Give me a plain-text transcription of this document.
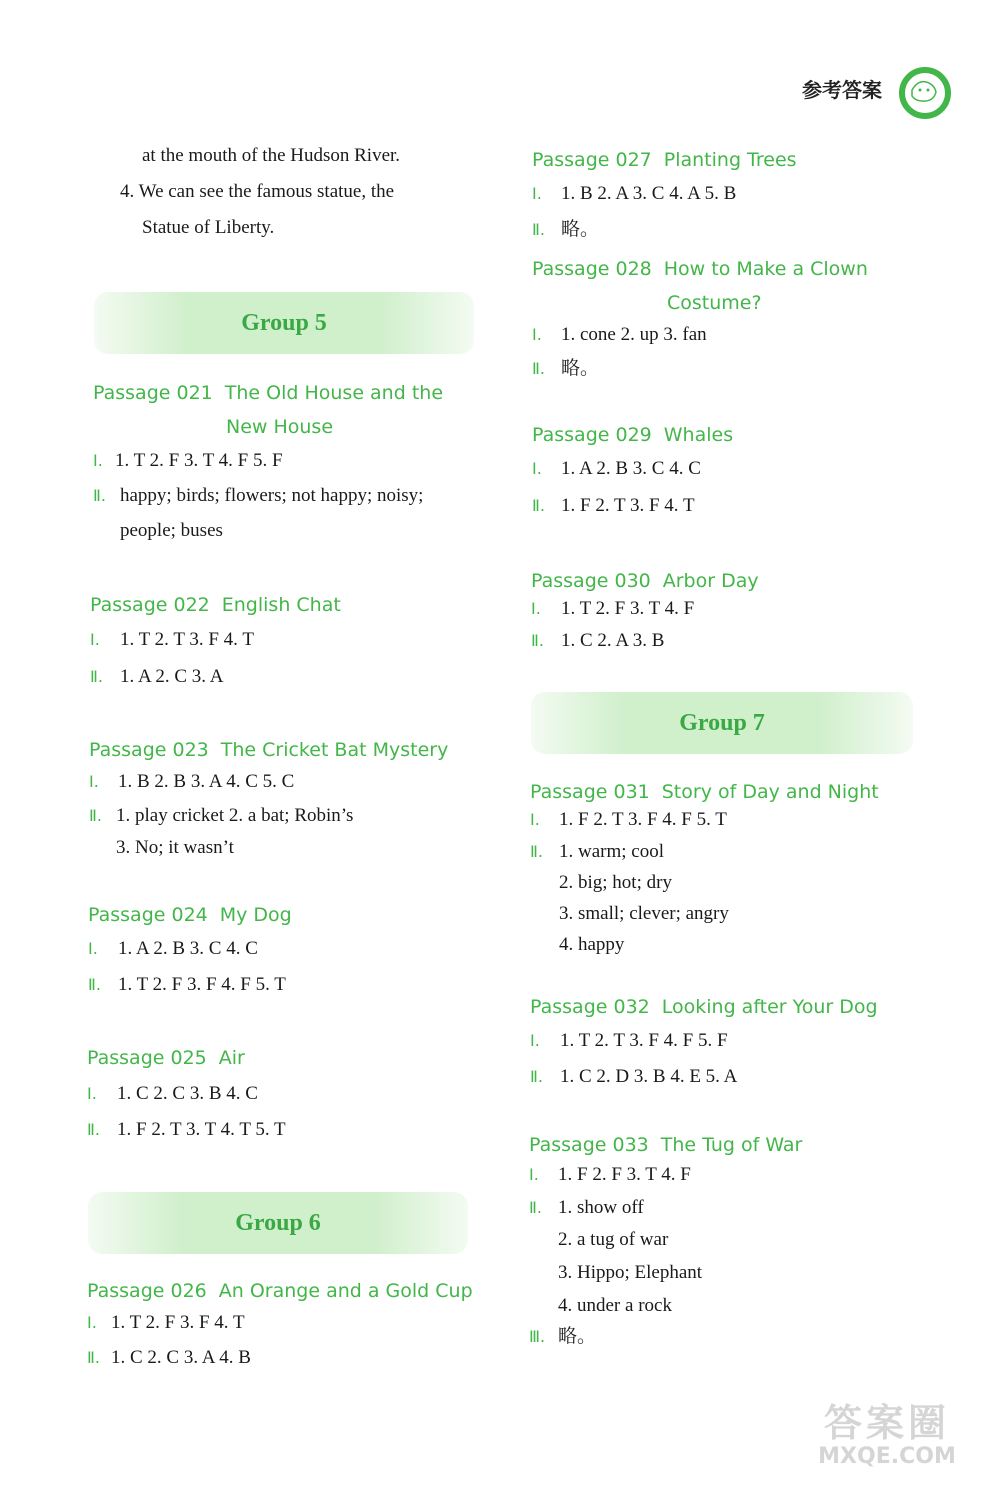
参考答案
at the mouth of the Hudson River.
4. We can see the famous statue, the
Statue of Liberty.
Group 5
Passage 021 The Old House and the
New House
Ⅰ. 1. T 2. F 3. T 4. F 5. F
Ⅱ. happy; birds; flowers; not happy; noisy;
people; buses
Passage 022 English Chat
Ⅰ. 1. T 2. T 3. F 4. T
Ⅱ. 1. A 2. C 3. A
Passage 023 The Cricket Bat Mystery
Ⅰ. 1. B 2. B 3. A 4. C 5. C
Ⅱ. 1. play cricket 2. a bat; Robin’s
3. No; it wasn’t
Passage 024 My Dog
Ⅰ. 1. A 2. B 3. C 4. C
Ⅱ. 1. T 2. F 3. F 4. F 5. T
Passage 025 Air
Ⅰ. 1. C 2. C 3. B 4. C
Ⅱ. 1. F 2. T 3. T 4. T 5. T
Group 6
Passage 026 An Orange and a Gold Cup
Ⅰ. 1. T 2. F 3. F 4. T
Ⅱ. 1. C 2. C 3. A 4. B
Passage 027 Planting Trees
Ⅰ. 1. B 2. A 3. C 4. A 5. B
Ⅱ. 略。
Passage 028 How to Make a Clown
Costume?
Ⅰ. 1. cone 2. up 3. fan
Ⅱ. 略。
Passage 029 Whales
Ⅰ. 1. A 2. B 3. C 4. C
Ⅱ. 1. F 2. T 3. F 4. T
Passage 030 Arbor Day
Ⅰ. 1. T 2. F 3. T 4. F
Ⅱ. 1. C 2. A 3. B
Group 7
Passage 031 Story of Day and Night
Ⅰ. 1. F 2. T 3. F 4. F 5. T
Ⅱ. 1. warm; cool
2. big; hot; dry
3. small; clever; angry
4. happy
Passage 032 Looking after Your Dog
Ⅰ. 1. T 2. T 3. F 4. F 5. F
Ⅱ. 1. C 2. D 3. B 4. E 5. A
Passage 033 The Tug of War
Ⅰ. 1. F 2. F 3. T 4. F
Ⅱ. 1. show off
2. a tug of war
3. Hippo; Elephant
4. under a rock
Ⅲ. 略。
答案圈
MXQE.COM
